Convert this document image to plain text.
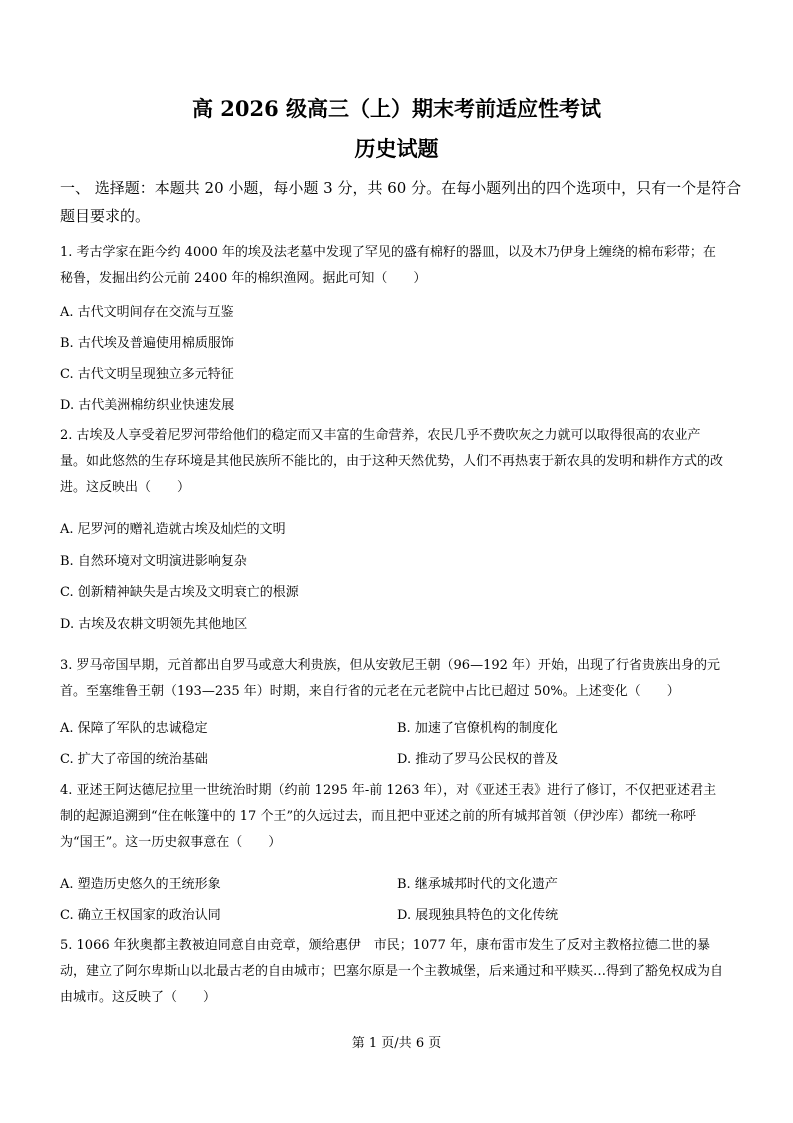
高 2026 级高三（上）期末考前适应性考试
历史试题
一、 选择题：本题共 20 小题，每小题 3 分，共 60 分。在每小题列出的四个选项中，只有一个是符合题目要求的。

1. 考古学家在距今约 4000 年的埃及法老墓中发现了罕见的盛有棉籽的器皿，以及木乃伊身上缠绕的棉布彩带；在秘鲁，发掘出约公元前 2400 年的棉织渔网。据此可知（　　）

A. 古代文明间存在交流与互鉴
B. 古代埃及普遍使用棉质服饰
C. 古代文明呈现独立多元特征
D. 古代美洲棉纺织业快速发展

2. 古埃及人享受着尼罗河带给他们的稳定而又丰富的生命营养，农民几乎不费吹灰之力就可以取得很高的农业产量。如此悠然的生存环境是其他民族所不能比的，由于这种天然优势，人们不再热衷于新农具的发明和耕作方式的改进。这反映出（　　）

A. 尼罗河的赠礼造就古埃及灿烂的文明
B. 自然环境对文明演进影响复杂
C. 创新精神缺失是古埃及文明衰亡的根源
D. 古埃及农耕文明领先其他地区

3. 罗马帝国早期，元首都出自罗马或意大利贵族，但从安敦尼王朝（96—192 年）开始，出现了行省贵族出身的元首。至塞维鲁王朝（193—235 年）时期，来自行省的元老在元老院中占比已超过 50%。上述变化（　　）

A. 保障了军队的忠诚稳定	B. 加速了官僚机构的制度化
C. 扩大了帝国的统治基础	D. 推动了罗马公民权的普及

4. 亚述王阿达德尼拉里一世统治时期（约前 1295 年-前 1263 年），对《亚述王表》进行了修订，不仅把亚述君主制的起源追溯到“住在帐篷中的 17 个王”的久远过去，而且把中亚述之前的所有城邦首领（伊沙库）都统一称呼为“国王”。这一历史叙事意在（　　）

A. 塑造历史悠久的王统形象	B. 继承城邦时代的文化遗产
C. 确立王权国家的政治认同	D. 展现独具特色的文化传统

5. 1066 年狄奥都主教被迫同意自由竞章，颁给惠伊　市民；1077 年，康布雷市发生了反对主教格拉德二世的暴动，建立了阿尔卑斯山以北最古老的自由城市；巴塞尔原是一个主教城堡，后来通过和平赎买…得到了豁免权成为自由城市。这反映了（　　）

第 1 页/共 6 页
